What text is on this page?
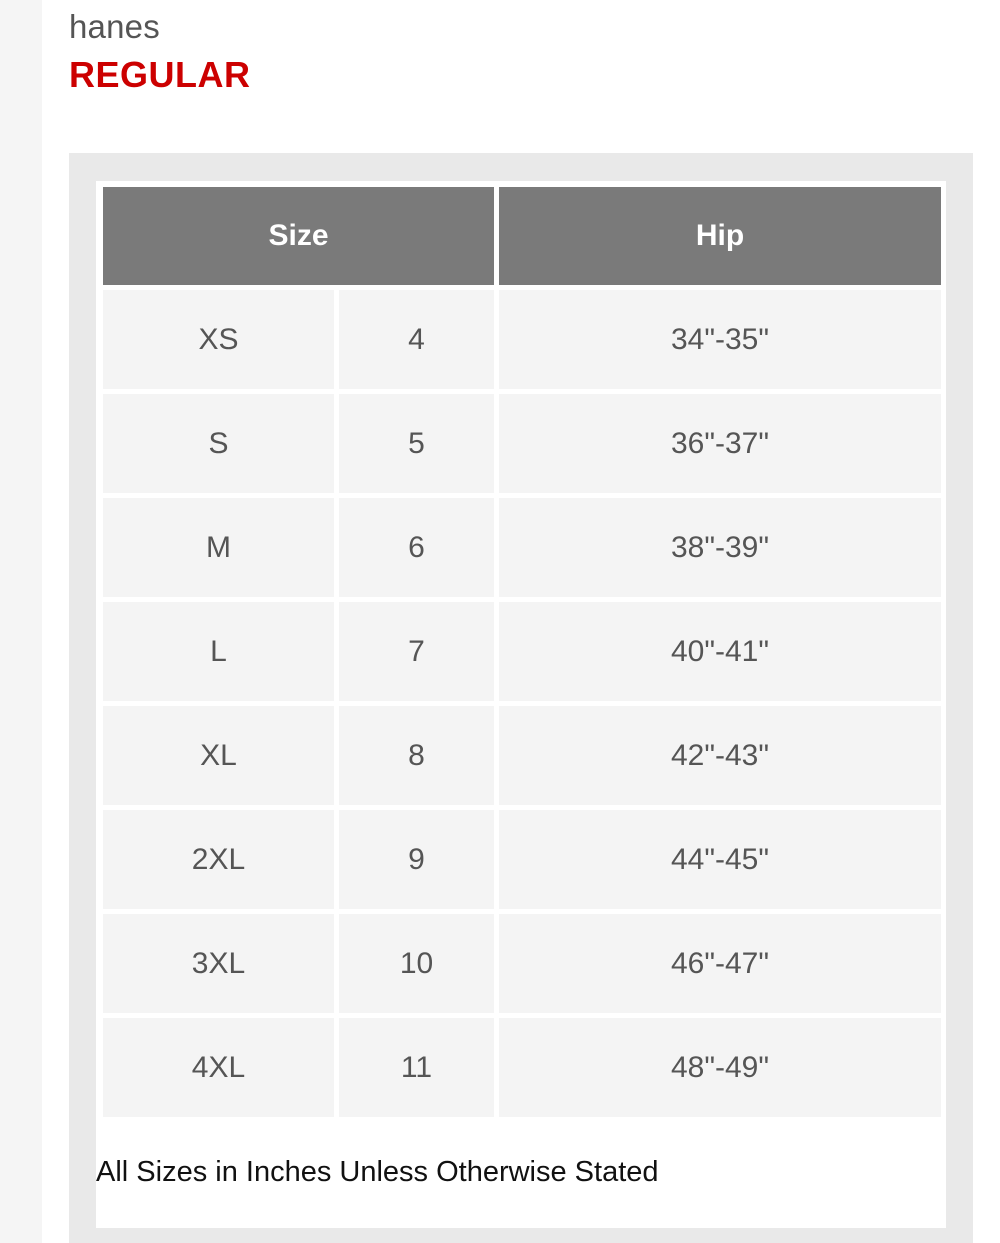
hanes
REGULAR
Size		Hip
XS	4	34"-35"
S	5	36"-37"
M	6	38"-39"
L	7	40"-41"
XL	8	42"-43"
2XL	9	44"-45"
3XL	10	46"-47"
4XL	11	48"-49"
All Sizes in Inches Unless Otherwise Stated
